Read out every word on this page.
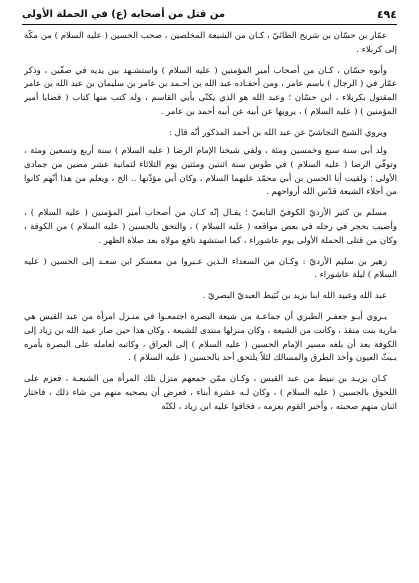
٤٩٤
من قتل من أصحابه (ع) في الحملة الأولى

عمّار بن حسّان بن شريح الطائيّ ، كـان من الشيعة المخلصين ، صحب الحسين ( عليه السلام ) من مكّة إلى كربلاء .

وأبوه حسّان ، كـان من أصحاب أمير المؤمنين ( عليه السلام ) واستشـهد بين يديه في صفّين ، وذكر عمّار في ( الرجال ) باسم عامر ، ومن أحفـاده عبد الله بن أحـمد بن عامر بن سليمان بن عبد الله بن عامر المقتول بكربلاء ، ابن حسّان ؛ وعبد الله هو الذي يكنّى بأبي القاسم ، وله كتب منها كتاب ( قضايا أمير المؤمنين ) ( عليه السلام ) ، يرويها عن أبيه عن أبيه أحمد بن عامر .

ويروي الشيخ النجاشيّ عن عبد الله بن أحمد المذكور أنّه قال :

ولد أبي سنة سبع وخمسين ومئة ، ولقي شيخنا الإمام الرضا ( عليه السلام ) سنة أربع وتسعين ومئة ، وتوفّي الرضا ( عليه السلام ) في طوس سنة اثنتين ومئتين يوم الثلاثاء لثمانية عشر مضين من جمادى الأولى ؛ ولقيت أنا الحسن بن أبي محمّد عليهما السلام ، وكان أبي مؤذّنها .. الخ ، ويعلم من هذا أنّهم كانوا من أجلاء الشيعة قدّس الله أرواحهم .

مسلم بن كثير الأزديّ الكوفيّ التابعيّ ؛ يقـال إنّه كـان من أصحاب أمير المؤمنين ( عليه السلام ) ، وأصيب بحجر في رجله في بعض مواقعه ( عليه السلام ) ، والتحق بالحسين ( عليه السلام ) من الكوفة ، وكان من قتلى الحملة الأولى يوم عاشوراء ، كما استشهد نافع مولاه بعد صلاة الظهر .

زهير بن سليم الأزديّ : وكـان من السعداء الـذين عـبروا من معسكر ابن سعـد إلى الحسين ( عليه السلام ) ليلة عاشوراء .

عبد الله وعبيد الله ابنا يزيد بن نُبَيط العبديّ البصريّ .

يـروي أبـو جعفـر الطبري أن جماعـة من شيعة البصرة اجتمعـوا في منـزل امرأة من عبد القيس هي مارية بنت منقذ ، وكانت من الشيعة ، وكان منزلها منتدى للشيعة ، وكان هذا حين صار عبيد الله بن زياد إلى الكوفة بعد أن بلغه مسير الإمام الحسين ( عليه السلام ) إلى العراق ، وكاتبه لعامله على البصرة بأمره بـبثّ العيون وأخذ الطرق والمسالك لئلاّ يلتحق أحد بالحسين ( عليه السلام ) .

كـان يزيـد بن نبيط من عبد القيس ، وكـان ممّن جمعهم منزل تلك المرأة من الشيعـة ، فعزم على اللحوق بالحسين ( عليه السلام ) ، وكان لـه عشرة أبناء ، فعرض أن يصحبه منهم من شاء ذلك ، فاختار اثنان منهم صحبته ، وأخبر القوم بعزمه ، فخافوا عليه ابن زياد ، لكنّه
